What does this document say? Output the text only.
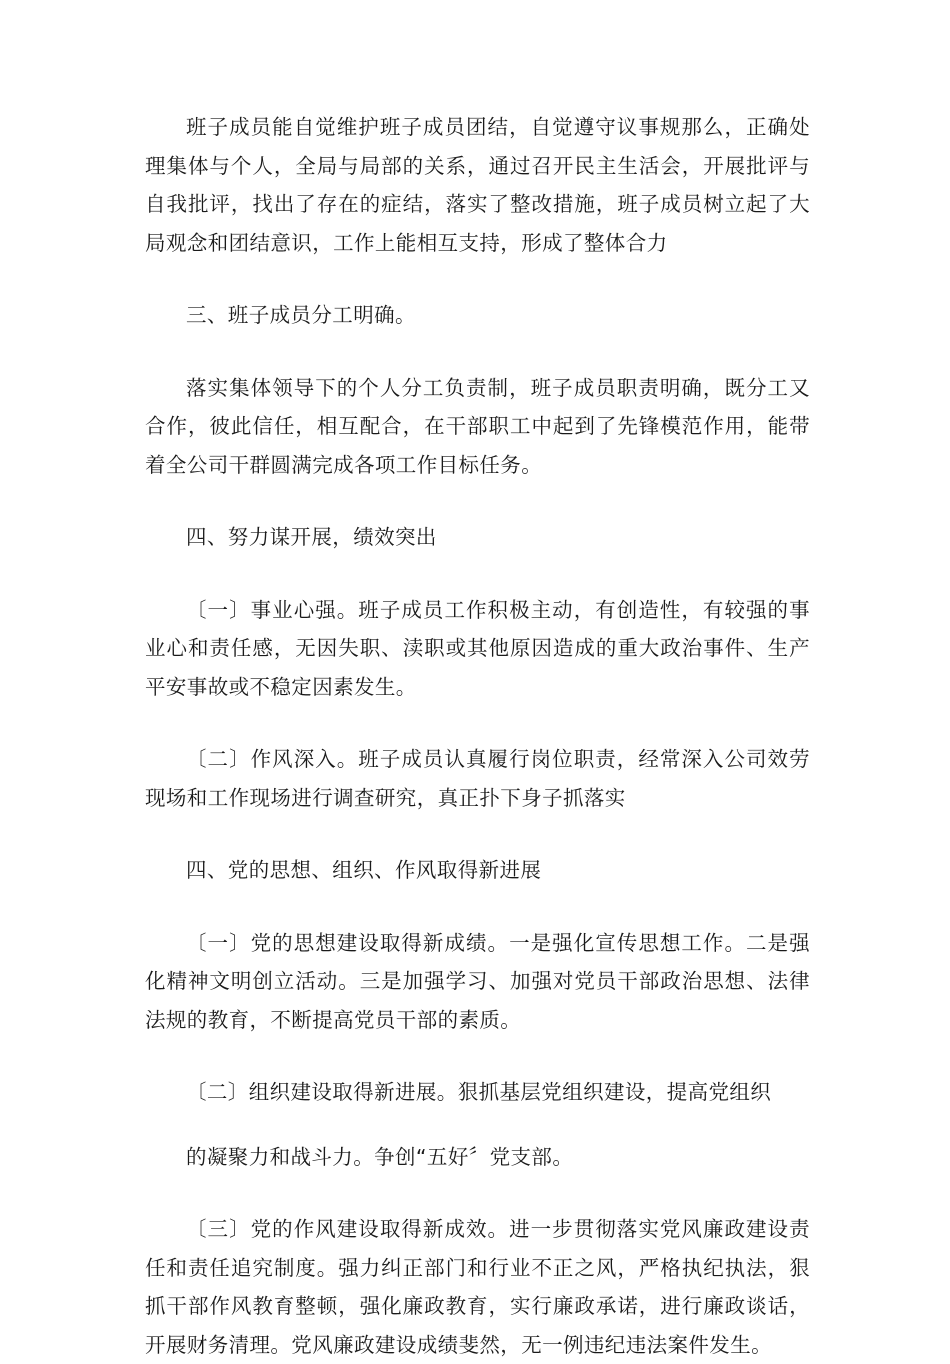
班子成员能自觉维护班子成员团结，自觉遵守议事规那么，正确处理集体与个人，全局与局部的关系，通过召开民主生活会，开展批评与自我批评，找出了存在的症结，落实了整改措施，班子成员树立起了大局观念和团结意识，工作上能相互支持，形成了整体合力

三、班子成员分工明确。

落实集体领导下的个人分工负责制，班子成员职责明确，既分工又合作，彼此信任，相互配合，在干部职工中起到了先锋模范作用，能带着全公司干群圆满完成各项工作目标任务。

四、努力谋开展，绩效突出

〔一〕事业心强。班子成员工作积极主动，有创造性，有较强的事业心和责任感，无因失职、渎职或其他原因造成的重大政治事件、生产平安事故或不稳定因素发生。

〔二〕作风深入。班子成员认真履行岗位职责，经常深入公司效劳现场和工作现场进行调查研究，真正扑下身子抓落实

四、党的思想、组织、作风取得新进展

〔一〕党的思想建设取得新成绩。一是强化宣传思想工作。二是强化精神文明创立活动。三是加强学习、加强对党员干部政治思想、法律法规的教育，不断提高党员干部的素质。

〔二〕组织建设取得新进展。狠抓基层党组织建设，提高党组织

的凝聚力和战斗力。争创“五好〞党支部。

〔三〕党的作风建设取得新成效。进一步贯彻落实党风廉政建设责任和责任追究制度。强力纠正部门和行业不正之风，严格执纪执法，狠抓干部作风教育整顿，强化廉政教育，实行廉政承诺，进行廉政谈话，开展财务清理。党风廉政建设成绩斐然，无一例违纪违法案件发生。
